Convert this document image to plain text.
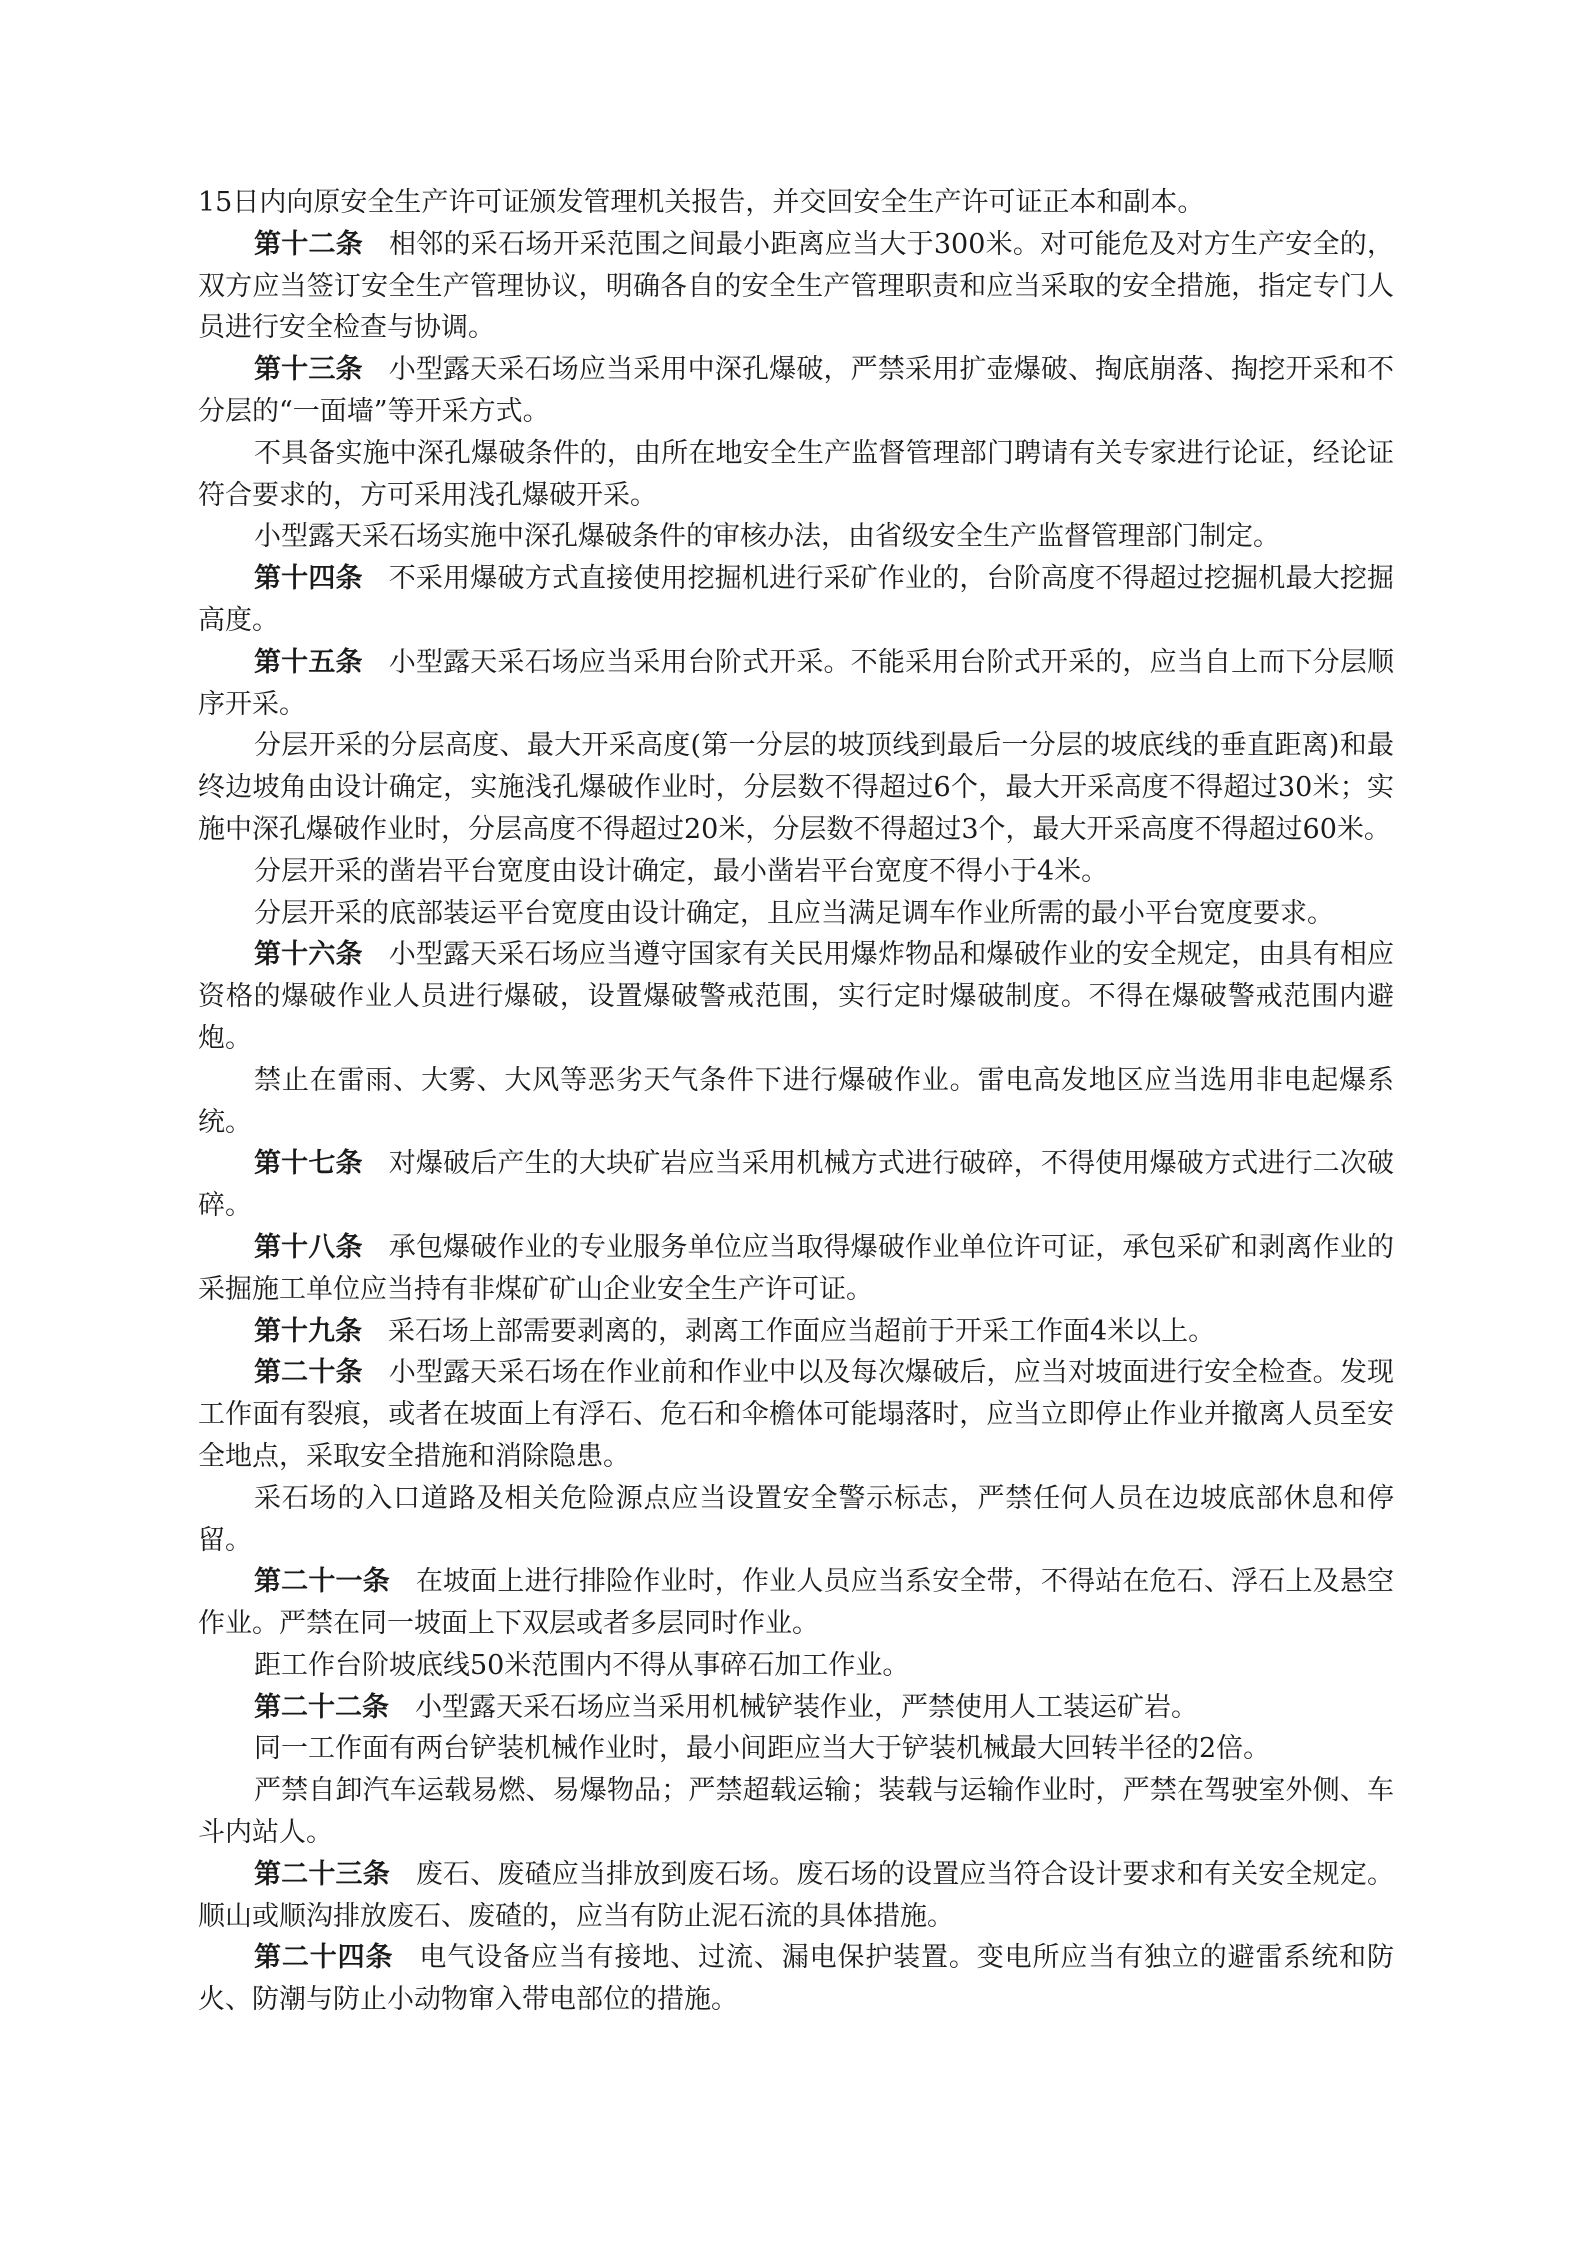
15日内向原安全生产许可证颁发管理机关报告，并交回安全生产许可证正本和副本。

第十二条 相邻的采石场开采范围之间最小距离应当大于300米。对可能危及对方生产安全的，双方应当签订安全生产管理协议，明确各自的安全生产管理职责和应当采取的安全措施，指定专门人员进行安全检查与协调。

第十三条 小型露天采石场应当采用中深孔爆破，严禁采用扩壶爆破、掏底崩落、掏挖开采和不分层的“一面墙”等开采方式。

不具备实施中深孔爆破条件的，由所在地安全生产监督管理部门聘请有关专家进行论证，经论证符合要求的，方可采用浅孔爆破开采。

小型露天采石场实施中深孔爆破条件的审核办法，由省级安全生产监督管理部门制定。

第十四条 不采用爆破方式直接使用挖掘机进行采矿作业的，台阶高度不得超过挖掘机最大挖掘高度。

第十五条 小型露天采石场应当采用台阶式开采。不能采用台阶式开采的，应当自上而下分层顺序开采。

分层开采的分层高度、最大开采高度(第一分层的坡顶线到最后一分层的坡底线的垂直距离)和最终边坡角由设计确定，实施浅孔爆破作业时，分层数不得超过6个，最大开采高度不得超过30米；实施中深孔爆破作业时，分层高度不得超过20米，分层数不得超过3个，最大开采高度不得超过60米。

分层开采的凿岩平台宽度由设计确定，最小凿岩平台宽度不得小于4米。

分层开采的底部装运平台宽度由设计确定，且应当满足调车作业所需的最小平台宽度要求。

第十六条 小型露天采石场应当遵守国家有关民用爆炸物品和爆破作业的安全规定，由具有相应资格的爆破作业人员进行爆破，设置爆破警戒范围，实行定时爆破制度。不得在爆破警戒范围内避炮。

禁止在雷雨、大雾、大风等恶劣天气条件下进行爆破作业。雷电高发地区应当选用非电起爆系统。

第十七条 对爆破后产生的大块矿岩应当采用机械方式进行破碎，不得使用爆破方式进行二次破碎。

第十八条 承包爆破作业的专业服务单位应当取得爆破作业单位许可证，承包采矿和剥离作业的采掘施工单位应当持有非煤矿矿山企业安全生产许可证。

第十九条 采石场上部需要剥离的，剥离工作面应当超前于开采工作面4米以上。

第二十条 小型露天采石场在作业前和作业中以及每次爆破后，应当对坡面进行安全检查。发现工作面有裂痕，或者在坡面上有浮石、危石和伞檐体可能塌落时，应当立即停止作业并撤离人员至安全地点，采取安全措施和消除隐患。

采石场的入口道路及相关危险源点应当设置安全警示标志，严禁任何人员在边坡底部休息和停留。

第二十一条 在坡面上进行排险作业时，作业人员应当系安全带，不得站在危石、浮石上及悬空作业。严禁在同一坡面上下双层或者多层同时作业。

距工作台阶坡底线50米范围内不得从事碎石加工作业。

第二十二条 小型露天采石场应当采用机械铲装作业，严禁使用人工装运矿岩。

同一工作面有两台铲装机械作业时，最小间距应当大于铲装机械最大回转半径的2倍。

严禁自卸汽车运载易燃、易爆物品；严禁超载运输；装载与运输作业时，严禁在驾驶室外侧、车斗内站人。

第二十三条 废石、废碴应当排放到废石场。废石场的设置应当符合设计要求和有关安全规定。顺山或顺沟排放废石、废碴的，应当有防止泥石流的具体措施。

第二十四条 电气设备应当有接地、过流、漏电保护装置。变电所应当有独立的避雷系统和防火、防潮与防止小动物窜入带电部位的措施。
